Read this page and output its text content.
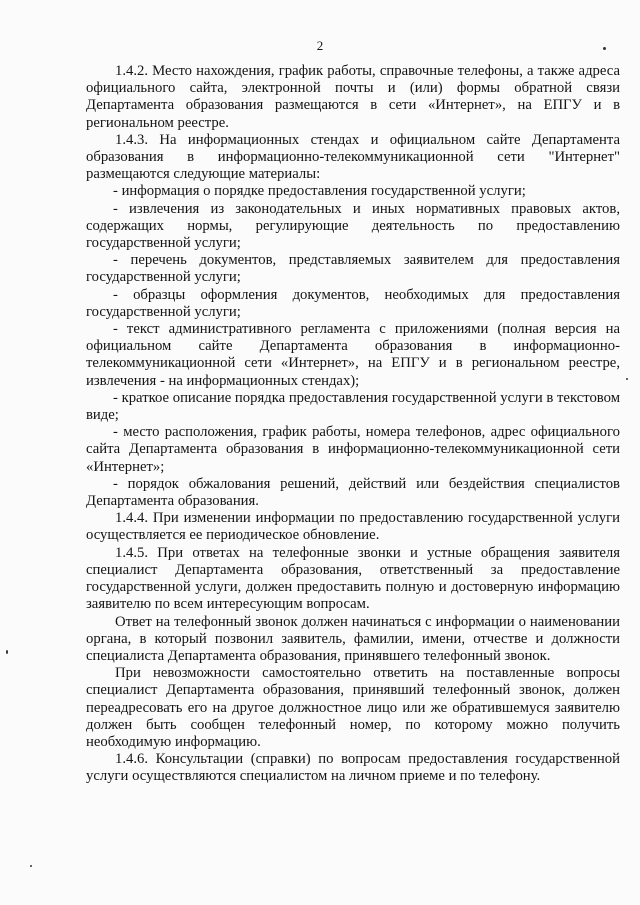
2

1.4.2. Место нахождения, график работы, справочные телефоны, а также адреса официального сайта, электронной почты и (или) формы обратной связи Департамента образования размещаются в сети «Интернет», на ЕПГУ и в региональном реестре.

1.4.3. На информационных стендах и официальном сайте Департамента образования в информационно-телекоммуникационной сети "Интернет" размещаются следующие материалы:

- информация о порядке предоставления государственной услуги;

- извлечения из законодательных и иных нормативных правовых актов, содержащих нормы, регулирующие деятельность по предоставлению государственной услуги;

- перечень документов, представляемых заявителем для предоставления государственной услуги;

- образцы оформления документов, необходимых для предоставления государственной услуги;

- текст административного регламента с приложениями (полная версия на официальном сайте Департамента образования в информационно-телекоммуникационной сети «Интернет», на ЕПГУ и в региональном реестре, извлечения - на информационных стендах);

- краткое описание порядка предоставления государственной услуги в текстовом виде;

- место расположения, график работы, номера телефонов, адрес официального сайта Департамента образования в информационно-телекоммуникационной сети «Интернет»;

- порядок обжалования решений, действий или бездействия специалистов Департамента образования.

1.4.4. При изменении информации по предоставлению государственной услуги осуществляется ее периодическое обновление.

1.4.5. При ответах на телефонные звонки и устные обращения заявителя специалист Департамента образования, ответственный за предоставление государственной услуги, должен предоставить полную и достоверную информацию заявителю по всем интересующим вопросам.

Ответ на телефонный звонок должен начинаться с информации о наименовании органа, в который позвонил заявитель, фамилии, имени, отчестве и должности специалиста Департамента образования, принявшего телефонный звонок.

При невозможности самостоятельно ответить на поставленные вопросы специалист Департамента образования, принявший телефонный звонок, должен переадресовать его на другое должностное лицо или же обратившемуся заявителю должен быть сообщен телефонный номер, по которому можно получить необходимую информацию.

1.4.6. Консультации (справки) по вопросам предоставления государственной услуги осуществляются специалистом на личном приеме и по телефону.
